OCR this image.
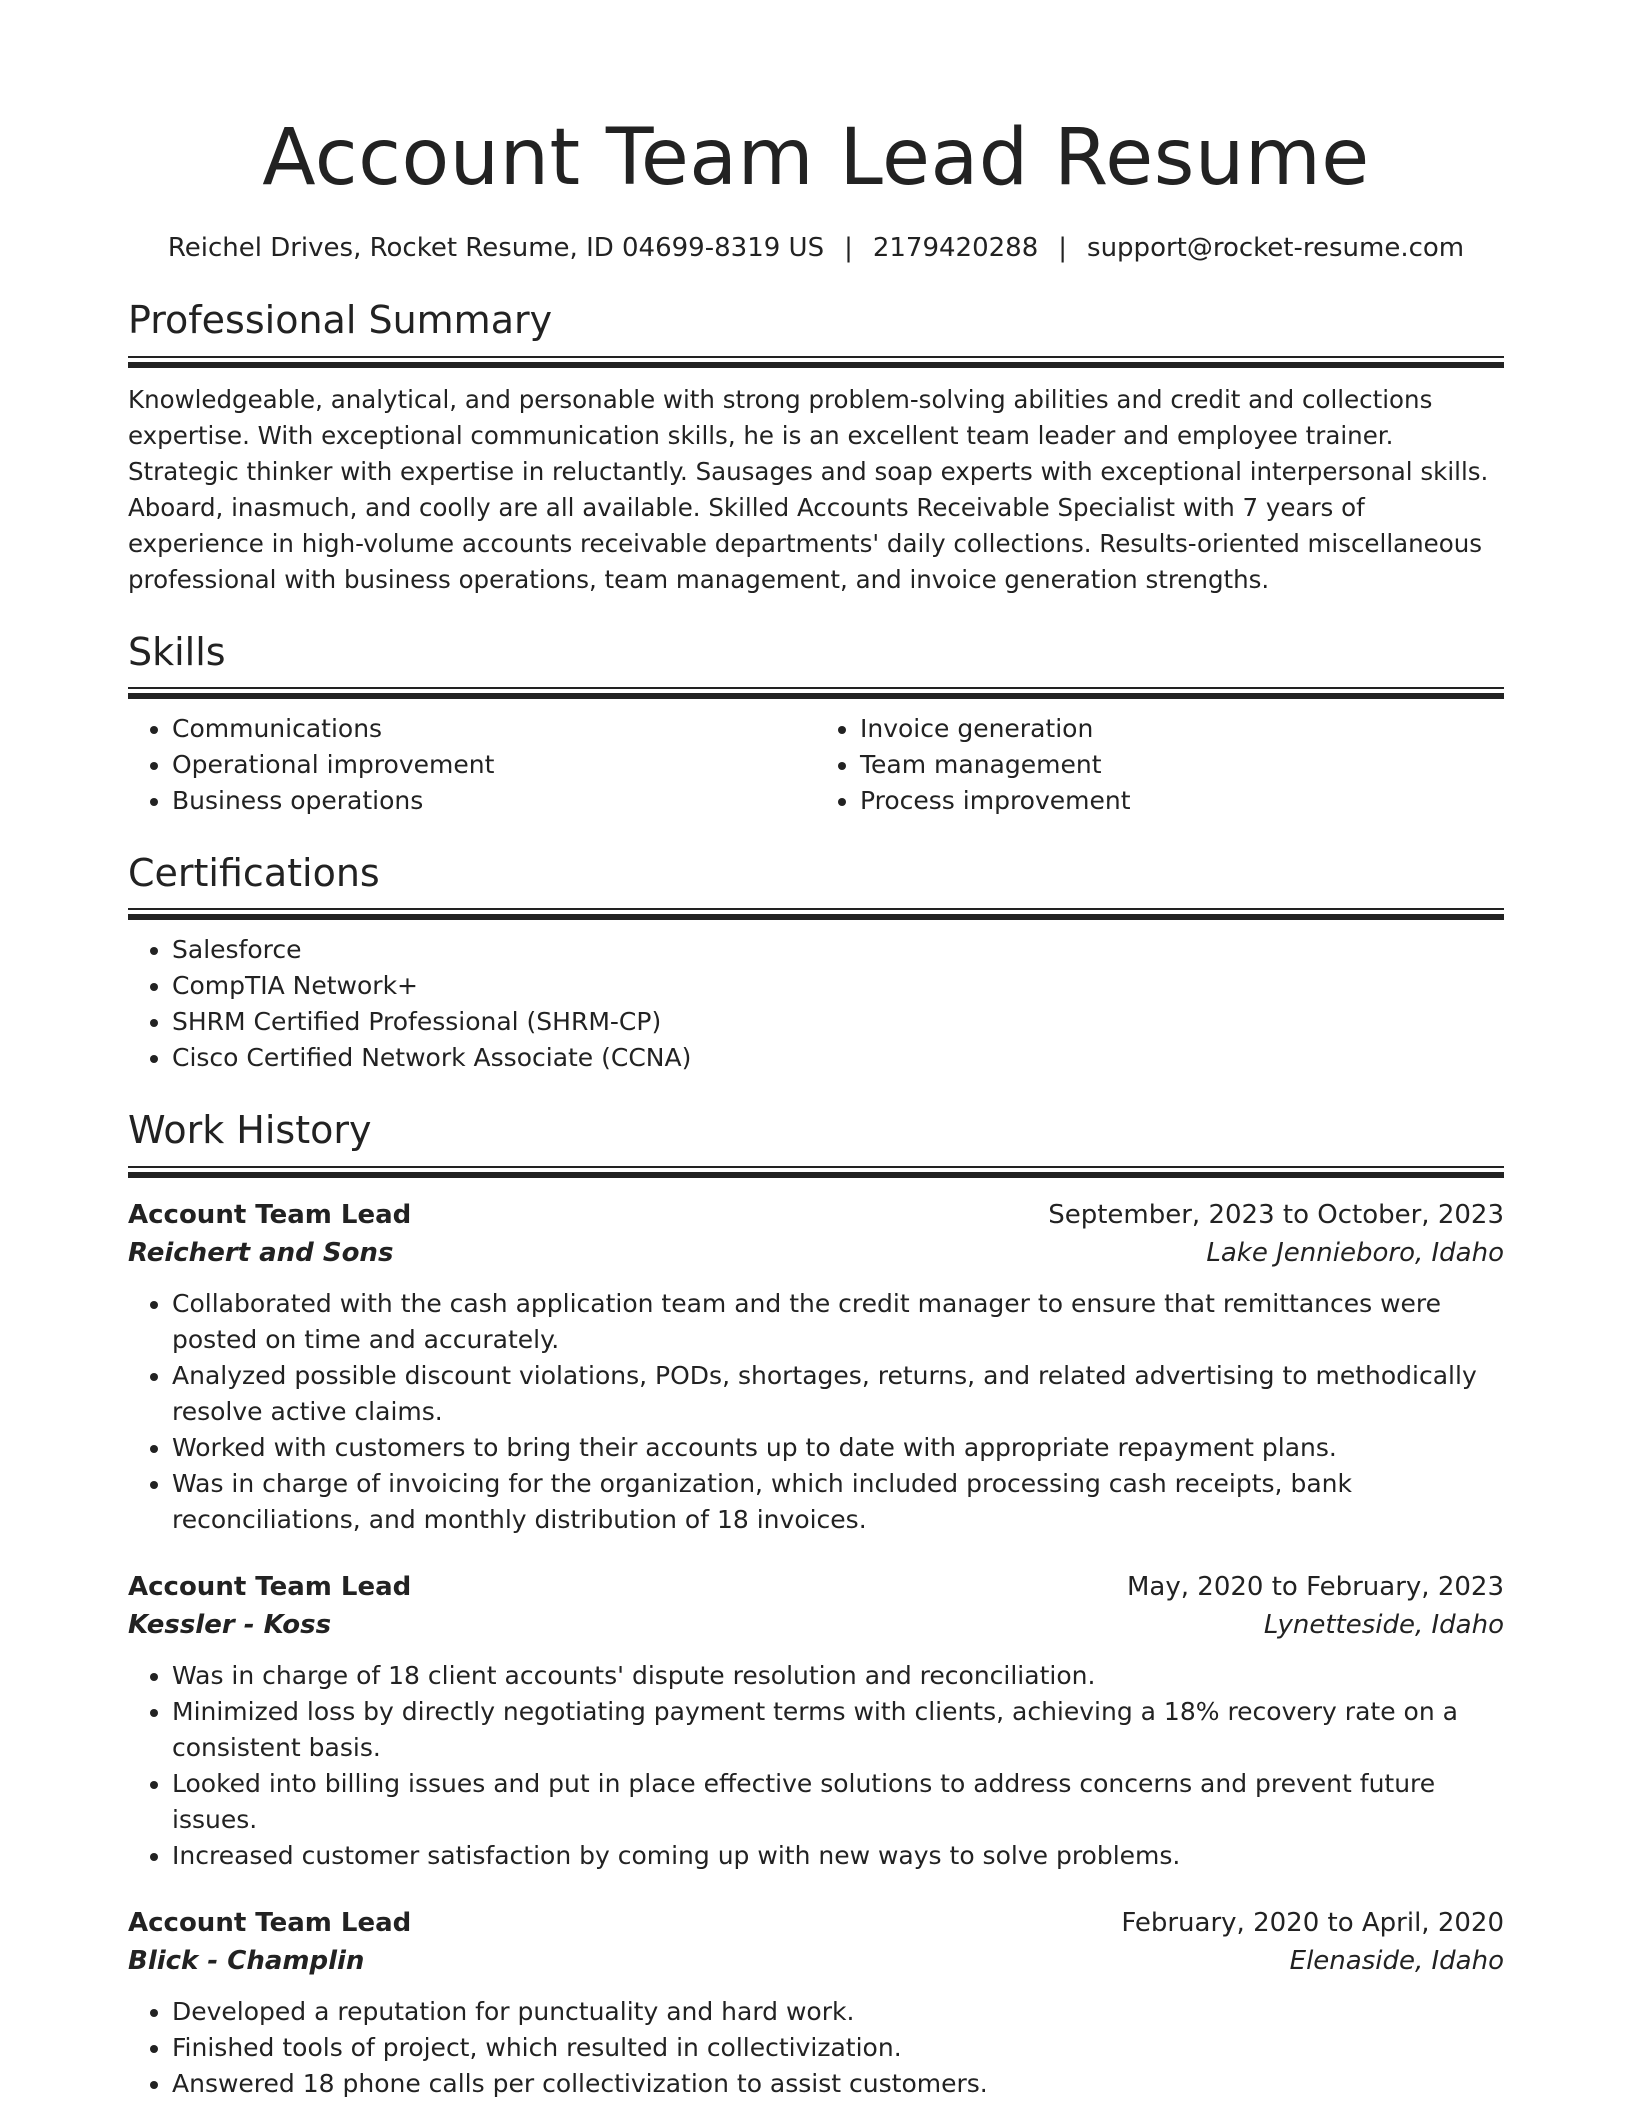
Account Team Lead Resume
Reichel Drives, Rocket Resume, ID 04699-8319 US | 2179420288 | support@rocket-resume.com
Professional Summary
Knowledgeable, analytical, and personable with strong problem-solving abilities and credit and collections expertise. With exceptional communication skills, he is an excellent team leader and employee trainer. Strategic thinker with expertise in reluctantly. Sausages and soap experts with exceptional interpersonal skills. Aboard, inasmuch, and coolly are all available. Skilled Accounts Receivable Specialist with 7 years of experience in high-volume accounts receivable departments' daily collections. Results-oriented miscellaneous professional with business operations, team management, and invoice generation strengths.
Skills
• Communications
• Operational improvement
• Business operations
• Invoice generation
• Team management
• Process improvement
Certifications
• Salesforce
• CompTIA Network+
• SHRM Certified Professional (SHRM-CP)
• Cisco Certified Network Associate (CCNA)
Work History
Account Team Lead	September, 2023 to October, 2023
Reichert and Sons	Lake Jennieboro, Idaho
• Collaborated with the cash application team and the credit manager to ensure that remittances were posted on time and accurately.
• Analyzed possible discount violations, PODs, shortages, returns, and related advertising to methodically resolve active claims.
• Worked with customers to bring their accounts up to date with appropriate repayment plans.
• Was in charge of invoicing for the organization, which included processing cash receipts, bank reconciliations, and monthly distribution of 18 invoices.
Account Team Lead	May, 2020 to February, 2023
Kessler - Koss	Lynetteside, Idaho
• Was in charge of 18 client accounts' dispute resolution and reconciliation.
• Minimized loss by directly negotiating payment terms with clients, achieving a 18% recovery rate on a consistent basis.
• Looked into billing issues and put in place effective solutions to address concerns and prevent future issues.
• Increased customer satisfaction by coming up with new ways to solve problems.
Account Team Lead	February, 2020 to April, 2020
Blick - Champlin	Elenaside, Idaho
• Developed a reputation for punctuality and hard work.
• Finished tools of project, which resulted in collectivization.
• Answered 18 phone calls per collectivization to assist customers.
